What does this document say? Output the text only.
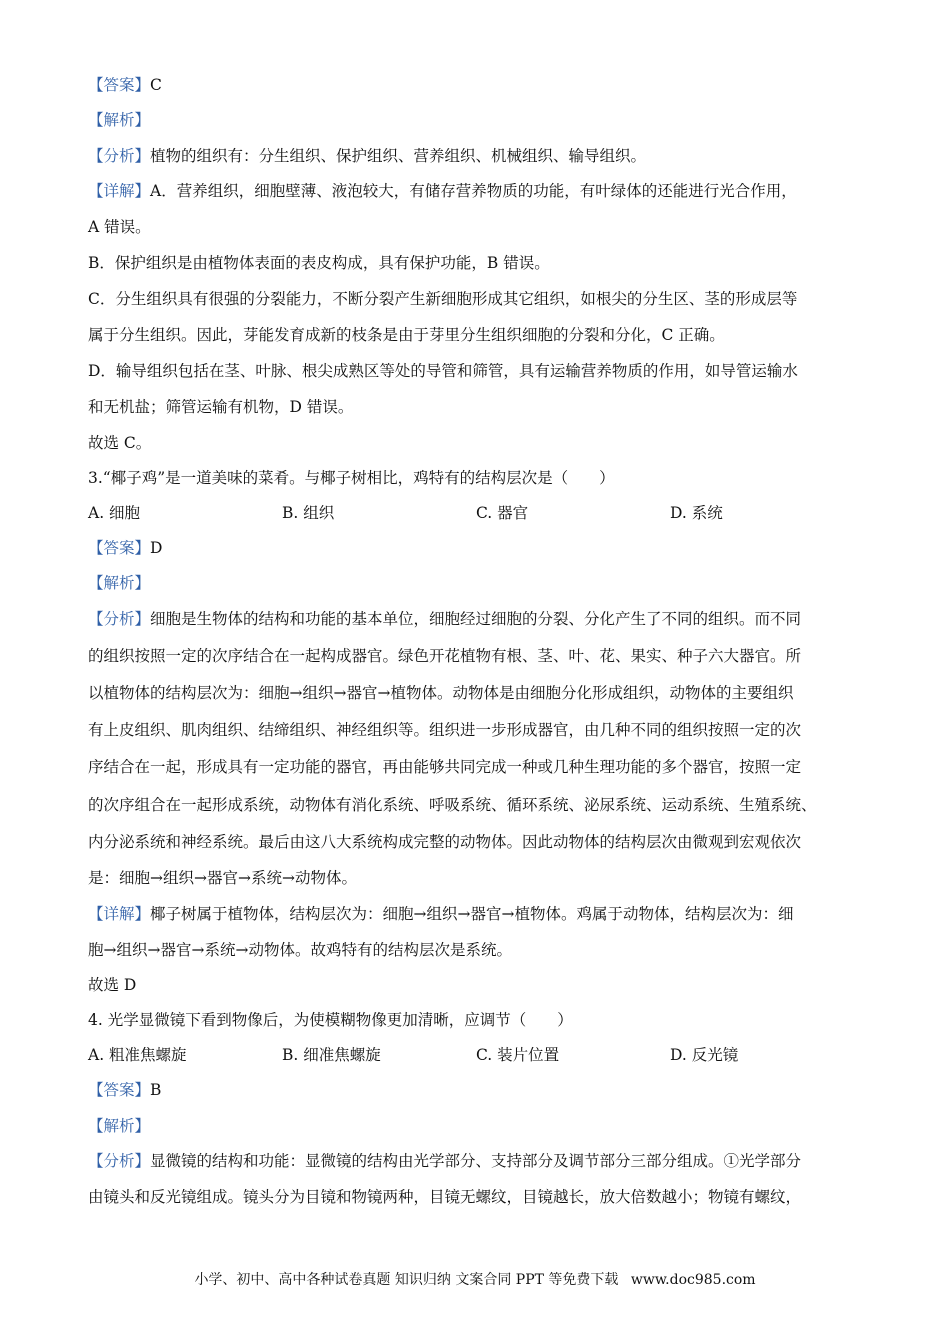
【答案】C
【解析】
【分析】植物的组织有：分生组织、保护组织、营养组织、机械组织、输导组织。
【详解】A．营养组织，细胞壁薄、液泡较大，有储存营养物质的功能，有叶绿体的还能进行光合作用，
A 错误。
B．保护组织是由植物体表面的表皮构成，具有保护功能，B 错误。
C．分生组织具有很强的分裂能力，不断分裂产生新细胞形成其它组织，如根尖的分生区、茎的形成层等
属于分生组织。因此，芽能发育成新的枝条是由于芽里分生组织细胞的分裂和分化，C 正确。
D．输导组织包括在茎、叶脉、根尖成熟区等处的导管和筛管，具有运输营养物质的作用，如导管运输水
和无机盐；筛管运输有机物，D 错误。
故选 C。
3.“椰子鸡”是一道美味的菜肴。与椰子树相比，鸡特有的结构层次是（　　）
A. 细胞	B. 组织	C. 器官	D. 系统
【答案】D
【解析】
【分析】细胞是生物体的结构和功能的基本单位，细胞经过细胞的分裂、分化产生了不同的组织。而不同
的组织按照一定的次序结合在一起构成器官。绿色开花植物有根、茎、叶、花、果实、种子六大器官。所
以植物体的结构层次为：细胞→组织→器官→植物体。动物体是由细胞分化形成组织，动物体的主要组织
有上皮组织、肌肉组织、结缔组织、神经组织等。组织进一步形成器官，由几种不同的组织按照一定的次
序结合在一起，形成具有一定功能的器官，再由能够共同完成一种或几种生理功能的多个器官，按照一定
的次序组合在一起形成系统，动物体有消化系统、呼吸系统、循环系统、泌尿系统、运动系统、生殖系统、
内分泌系统和神经系统。最后由这八大系统构成完整的动物体。因此动物体的结构层次由微观到宏观依次
是：细胞→组织→器官→系统→动物体。
【详解】椰子树属于植物体，结构层次为：细胞→组织→器官→植物体。鸡属于动物体，结构层次为：细
胞→组织→器官→系统→动物体。故鸡特有的结构层次是系统。
故选 D
4. 光学显微镜下看到物像后，为使模糊物像更加清晰，应调节（　　）
A. 粗准焦螺旋	B. 细准焦螺旋	C. 装片位置	D. 反光镜
【答案】B
【解析】
【分析】显微镜的结构和功能：显微镜的结构由光学部分、支持部分及调节部分三部分组成。①光学部分
由镜头和反光镜组成。镜头分为目镜和物镜两种，目镜无螺纹，目镜越长，放大倍数越小；物镜有螺纹，
小学、初中、高中各种试卷真题 知识归纳 文案合同 PPT 等免费下载 www.doc985.com
